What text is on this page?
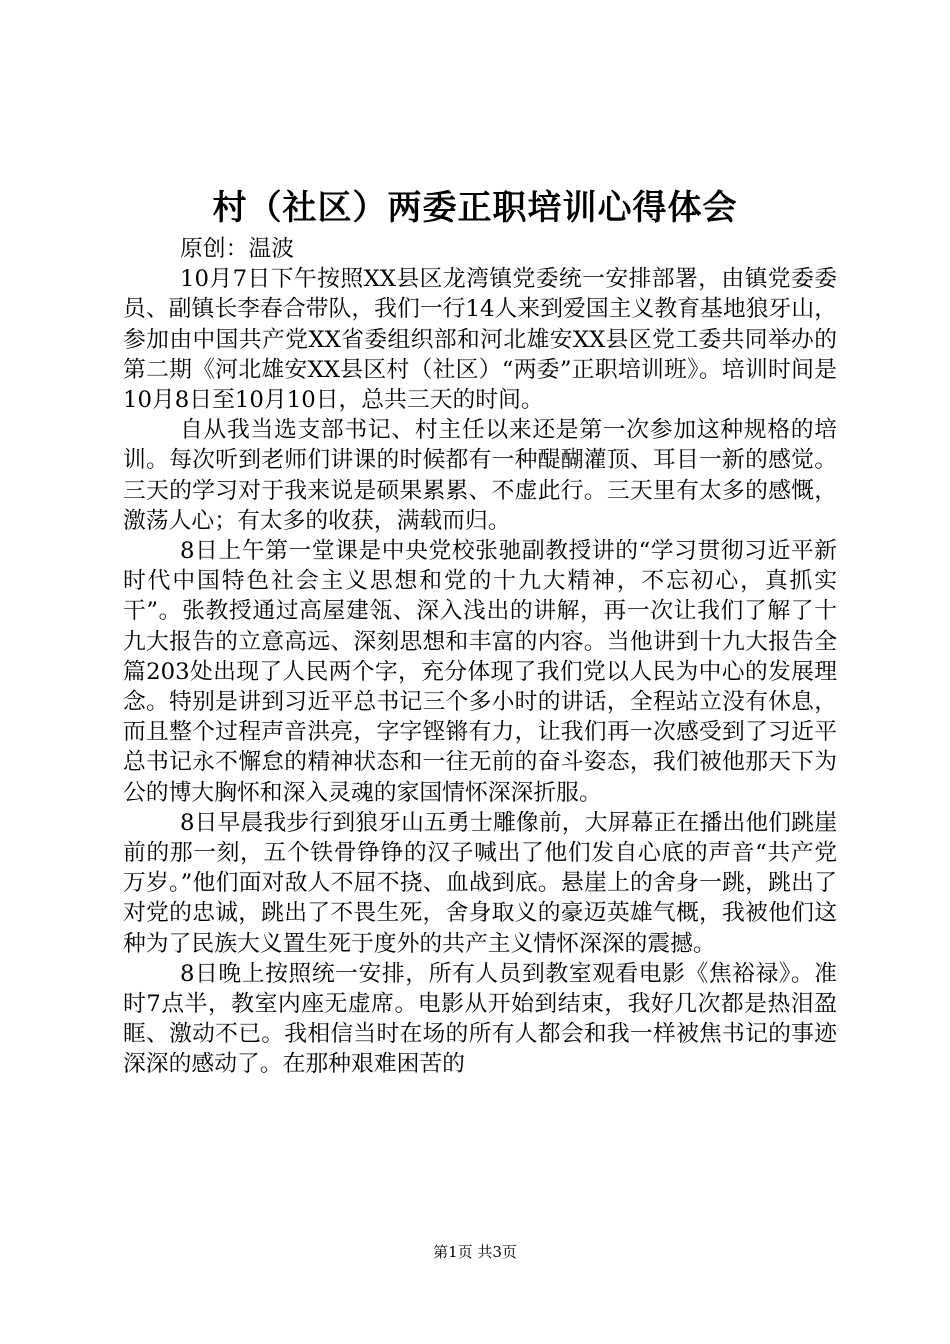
村（社区）两委正职培训心得体会

原创：温波

10月7日下午按照XX县区龙湾镇党委统一安排部署，由镇党委委员、副镇长李春合带队，我们一行14人来到爱国主义教育基地狼牙山，参加由中国共产党XX省委组织部和河北雄安XX县区党工委共同举办的第二期《河北雄安XX县区村（社区）“两委”正职培训班》。培训时间是10月8日至10月10日，总共三天的时间。

自从我当选支部书记、村主任以来还是第一次参加这种规格的培训。每次听到老师们讲课的时候都有一种醍醐灌顶、耳目一新的感觉。三天的学习对于我来说是硕果累累、不虚此行。三天里有太多的感慨，激荡人心；有太多的收获，满载而归。

8日上午第一堂课是中央党校张驰副教授讲的“学习贯彻习近平新时代中国特色社会主义思想和党的十九大精神，不忘初心，真抓实干”。张教授通过高屋建瓴、深入浅出的讲解，再一次让我们了解了十九大报告的立意高远、深刻思想和丰富的内容。当他讲到十九大报告全篇203处出现了人民两个字，充分体现了我们党以人民为中心的发展理念。特别是讲到习近平总书记三个多小时的讲话，全程站立没有休息，而且整个过程声音洪亮，字字铿锵有力，让我们再一次感受到了习近平总书记永不懈怠的精神状态和一往无前的奋斗姿态，我们被他那天下为公的博大胸怀和深入灵魂的家国情怀深深折服。

8日早晨我步行到狼牙山五勇士雕像前，大屏幕正在播出他们跳崖前的那一刻，五个铁骨铮铮的汉子喊出了他们发自心底的声音“共产党万岁。”他们面对敌人不屈不挠、血战到底。悬崖上的舍身一跳，跳出了对党的忠诚，跳出了不畏生死，舍身取义的豪迈英雄气概，我被他们这种为了民族大义置生死于度外的共产主义情怀深深的震撼。

8日晚上按照统一安排，所有人员到教室观看电影《焦裕禄》。准时7点半，教室内座无虚席。电影从开始到结束，我好几次都是热泪盈眶、激动不已。我相信当时在场的所有人都会和我一样被焦书记的事迹深深的感动了。在那种艰难困苦的

第1页 共3页
